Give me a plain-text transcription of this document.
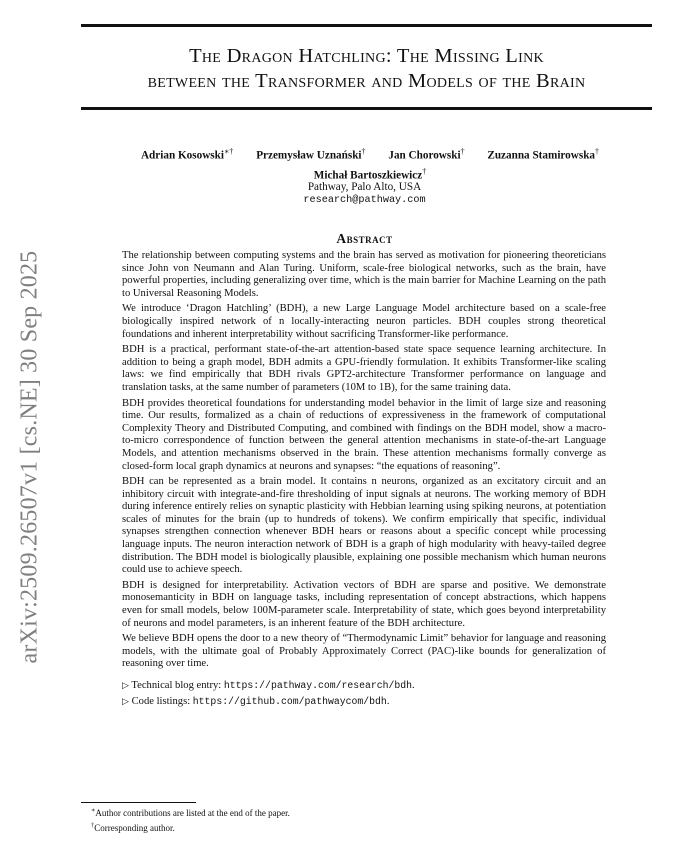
arXiv:2509.26507v1 [cs.NE] 30 Sep 2025
The Dragon Hatchling: The Missing Link
between the Transformer and Models of the Brain
Adrian Kosowski∗† Przemysław Uznański† Jan Chorowski† Zuzanna Stamirowska†
Michał Bartoszkiewicz†
Pathway, Palo Alto, USA
research@pathway.com
Abstract

The relationship between computing systems and the brain has served as motivation for pioneering theoreticians since John von Neumann and Alan Turing. Uniform, scale-free biological networks, such as the brain, have powerful properties, including generalizing over time, which is the main barrier for Machine Learning on the path to Universal Reasoning Models.

We introduce ‘Dragon Hatchling’ (BDH), a new Large Language Model architecture based on a scale-free biologically inspired network of n locally-interacting neuron particles. BDH couples strong theoretical foundations and inherent interpretability without sacrificing Transformer-like performance.

BDH is a practical, performant state-of-the-art attention-based state space sequence learning architecture. In addition to being a graph model, BDH admits a GPU-friendly formulation. It exhibits Transformer-like scaling laws: we find empirically that BDH rivals GPT2-architecture Transformer performance on language and translation tasks, at the same number of parameters (10M to 1B), for the same training data.

BDH provides theoretical foundations for understanding model behavior in the limit of large size and reasoning time. Our results, formalized as a chain of reductions of expressiveness in the framework of computational Complexity Theory and Distributed Computing, and combined with findings on the BDH model, show a macro-to-micro correspondence of function between the general attention mechanisms in state-of-the-art Language Models, and attention mechanisms observed in the brain. These attention mechanisms formally converge as closed-form local graph dynamics at neurons and synapses: “the equations of reasoning”.

BDH can be represented as a brain model. It contains n neurons, organized as an excitatory circuit and an inhibitory circuit with integrate-and-fire thresholding of input signals at neurons. The working memory of BDH during inference entirely relies on synaptic plasticity with Hebbian learning using spiking neurons, at potentiation scales of minutes for the brain (up to hundreds of tokens). We confirm empirically that specific, individual synapses strengthen connection whenever BDH hears or reasons about a specific concept while processing language inputs. The neuron interaction network of BDH is a graph of high modularity with heavy-tailed degree distribution. The BDH model is biologically plausible, explaining one possible mechanism which human neurons could use to achieve speech.

BDH is designed for interpretability. Activation vectors of BDH are sparse and positive. We demonstrate monosemanticity in BDH on language tasks, including representation of concept abstractions, which happens even for small models, below 100M-parameter scale. Interpretability of state, which goes beyond interpretability of neurons and model parameters, is an inherent feature of the BDH architecture.

We believe BDH opens the door to a new theory of “Thermodynamic Limit” behavior for language and reasoning models, with the ultimate goal of Probably Approximately Correct (PAC)-like bounds for generalization of reasoning over time.

▷ Technical blog entry: https://pathway.com/research/bdh.
▷ Code listings: https://github.com/pathwaycom/bdh.
∗Author contributions are listed at the end of the paper.
†Corresponding author.
